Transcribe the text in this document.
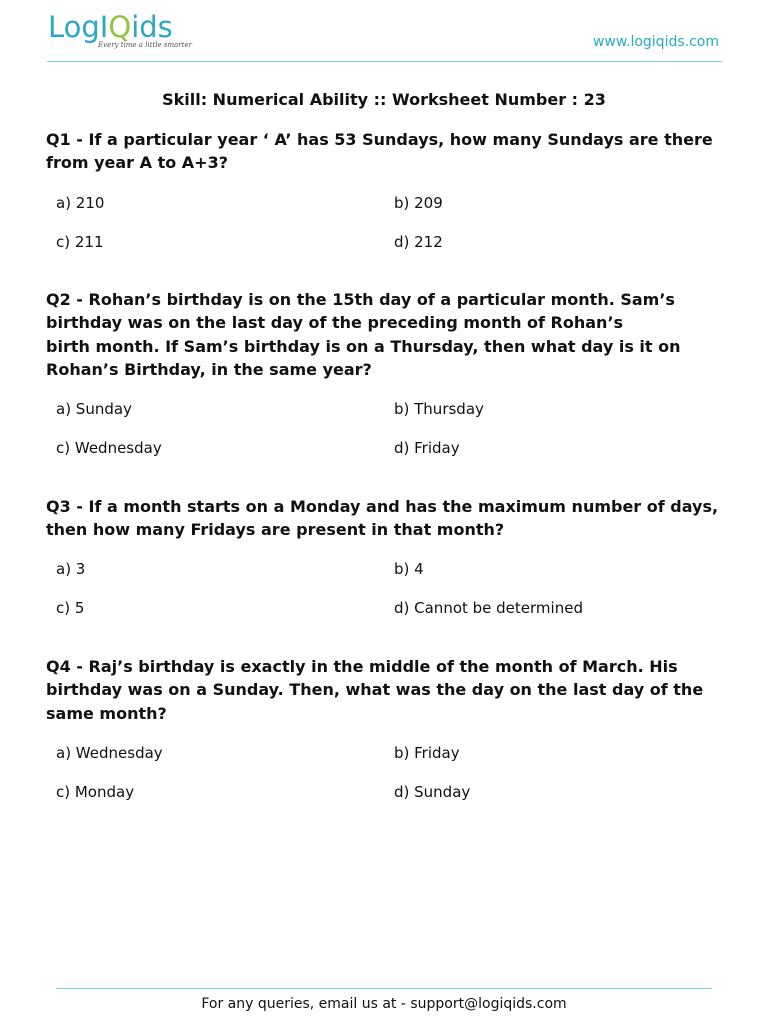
LogIQids
Every time a little smarter	www.logiqids.com
Skill: Numerical Ability :: Worksheet Number : 23
Q1 - If a particular year ‘ A’ has 53 Sundays, how many Sundays are there
from year A to A+3?
a) 210	b) 209
c) 211	d) 212
Q2 - Rohan’s birthday is on the 15th day of a particular month. Sam’s
birthday was on the last day of the preceding month of Rohan’s
birth month. If Sam’s birthday is on a Thursday, then what day is it on
Rohan’s Birthday, in the same year?
a) Sunday	b) Thursday
c) Wednesday	d) Friday
Q3 - If a month starts on a Monday and has the maximum number of days,
then how many Fridays are present in that month?
a) 3	b) 4
c) 5	d) Cannot be determined
Q4 - Raj’s birthday is exactly in the middle of the month of March. His
birthday was on a Sunday. Then, what was the day on the last day of the
same month?
a) Wednesday	b) Friday
c) Monday	d) Sunday
For any queries, email us at - support@logiqids.com
